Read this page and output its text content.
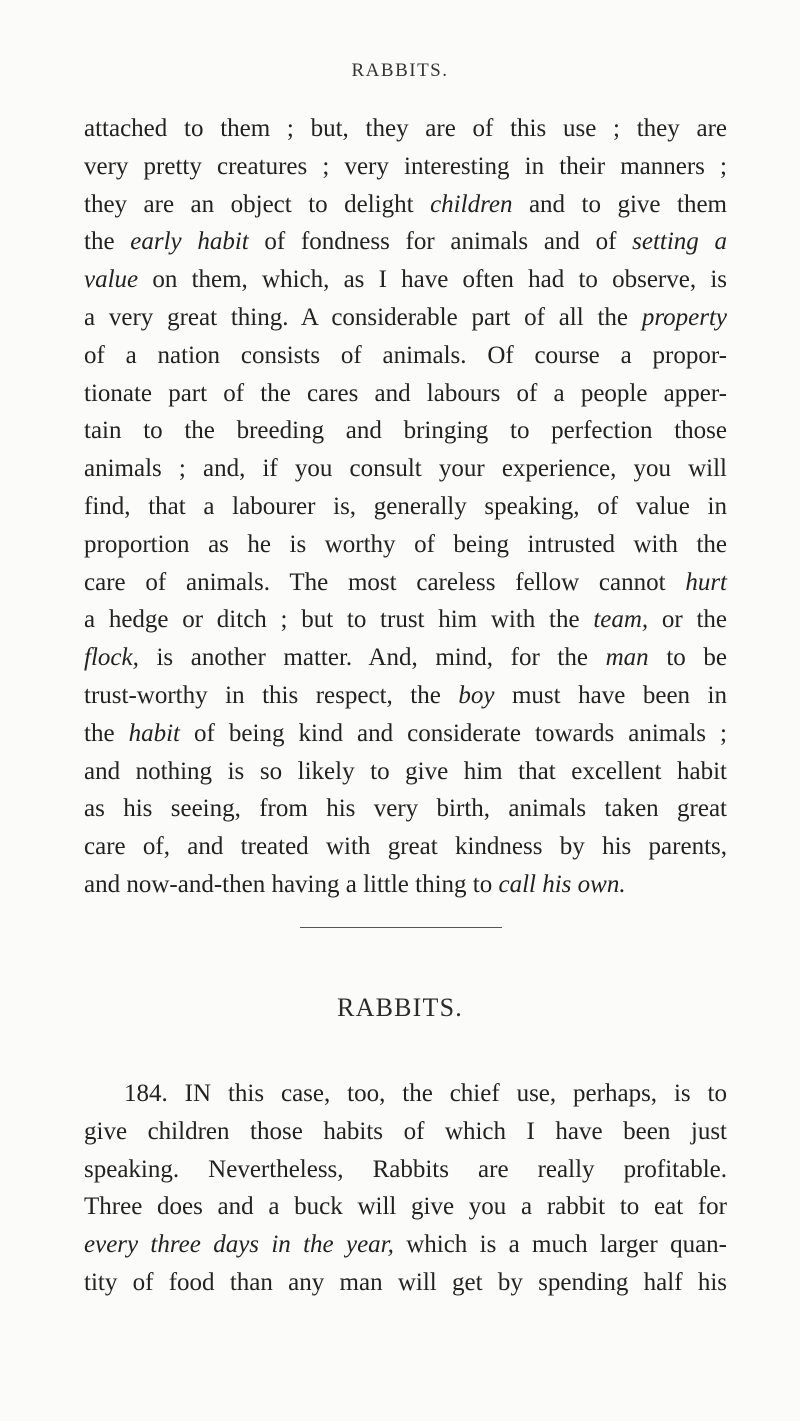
RABBITS.
attached to them ; but, they are of this use ; they are
very pretty creatures ; very interesting in their manners ;
they are an object to delight children and to give them
the early habit of fondness for animals and of setting a
value on them, which, as I have often had to observe, is
a very great thing. A considerable part of all the property
of a nation consists of animals. Of course a propor-
tionate part of the cares and labours of a people apper-
tain to the breeding and bringing to perfection those
animals ; and, if you consult your experience, you will
find, that a labourer is, generally speaking, of value in
proportion as he is worthy of being intrusted with the
care of animals. The most careless fellow cannot hurt
a hedge or ditch ; but to trust him with the team, or the
flock, is another matter. And, mind, for the man to be
trust-worthy in this respect, the boy must have been in
the habit of being kind and considerate towards animals ;
and nothing is so likely to give him that excellent habit
as his seeing, from his very birth, animals taken great
care of, and treated with great kindness by his parents,
and now-and-then having a little thing to call his own.
RABBITS.
184. IN this case, too, the chief use, perhaps, is to
give children those habits of which I have been just
speaking. Nevertheless, Rabbits are really profitable.
Three does and a buck will give you a rabbit to eat for
every three days in the year, which is a much larger quan-
tity of food than any man will get by spending half his
